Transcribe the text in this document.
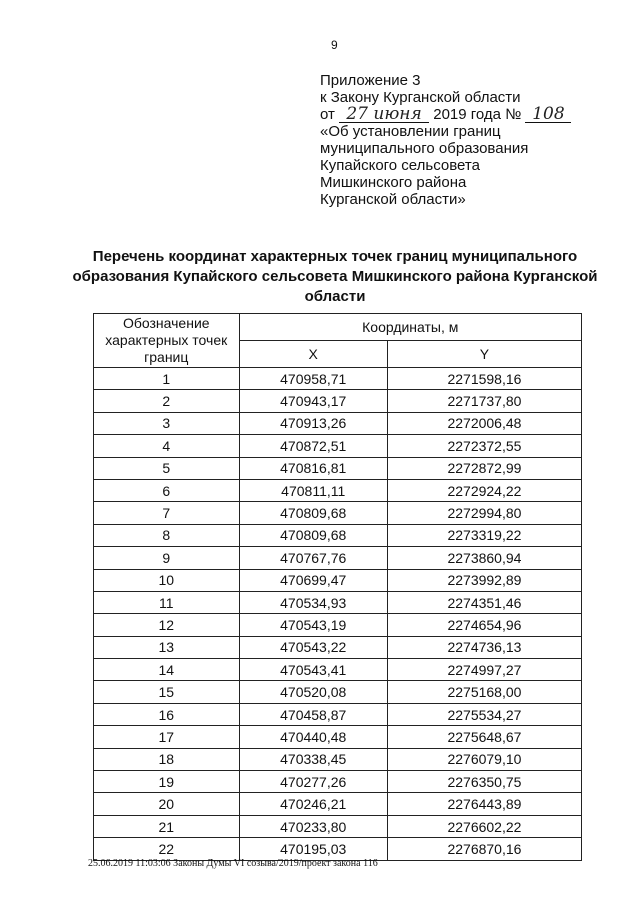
9
Приложение 3
к Закону Курганской области
от 27 июня 2019 года № 108
«Об установлении границ
муниципального образования
Купайского сельсовета
Мишкинского района
Курганской области»
Перечень координат характерных точек границ муниципального образования Купайского сельсовета Мишкинского района Курганской области
Обозначение характерных точек границ	Координаты, м	
	X	Y
1	470958,71	2271598,16
2	470943,17	2271737,80
3	470913,26	2272006,48
4	470872,51	2272372,55
5	470816,81	2272872,99
6	470811,11	2272924,22
7	470809,68	2272994,80
8	470809,68	2273319,22
9	470767,76	2273860,94
10	470699,47	2273992,89
11	470534,93	2274351,46
12	470543,19	2274654,96
13	470543,22	2274736,13
14	470543,41	2274997,27
15	470520,08	2275168,00
16	470458,87	2275534,27
17	470440,48	2275648,67
18	470338,45	2276079,10
19	470277,26	2276350,75
20	470246,21	2276443,89
21	470233,80	2276602,22
22	470195,03	2276870,16
25.06.2019 11:03:06 Законы Думы VI созыва/2019/проект закона 116
